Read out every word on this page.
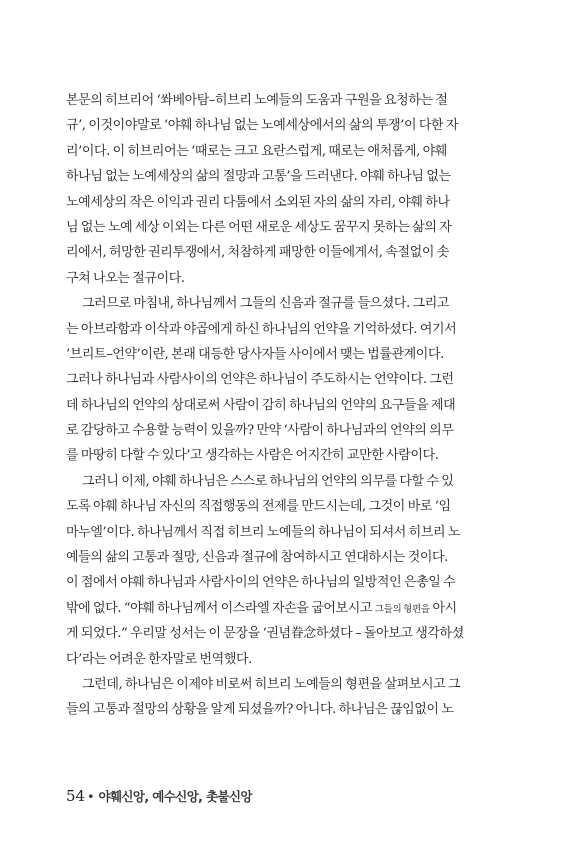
본문의 히브리어 ‘쏴베아탐–히브리 노예들의 도움과 구원을 요청하는 절
규’, 이것이야말로 ‘야훼 하나님 없는 노예세상에서의 삶의 투쟁’이 다한 자
리’이다. 이 히브리어는 ‘때로는 크고 요란스럽게, 때로는 애처롭게, 야훼
하나님 없는 노예세상의 삶의 절망과 고통’을 드러낸다. 야훼 하나님 없는
노예세상의 작은 이익과 권리 다툼에서 소외된 자의 삶의 자리, 야훼 하나
님 없는 노예 세상 이외는 다른 어떤 새로운 세상도 꿈꾸지 못하는 삶의 자
리에서, 허망한 권리투쟁에서, 처참하게 패망한 이들에게서, 속절없이 솟
구쳐 나오는 절규이다.
그러므로 마침내, 하나님께서 그들의 신음과 절규를 들으셨다. 그리고
는 아브라함과 이삭과 야곱에게 하신 하나님의 언약을 기억하셨다. 여기서
‘브리트–언약’이란, 본래 대등한 당사자들 사이에서 맺는 법률관계이다.
그러나 하나님과 사람사이의 언약은 하나님이 주도하시는 언약이다. 그런
데 하나님의 언약의 상대로써 사람이 감히 하나님의 언약의 요구들을 제대
로 감당하고 수용할 능력이 있을까? 만약 ‘사람이 하나님과의 언약의 의무
를 마땅히 다할 수 있다’고 생각하는 사람은 어지간히 교만한 사람이다.
그러니 이제, 야훼 하나님은 스스로 하나님의 언약의 의무를 다할 수 있
도록 야훼 하나님 자신의 직접행동의 전제를 만드시는데, 그것이 바로 ‘임
마누엘’이다. 하나님께서 직접 히브리 노예들의 하나님이 되셔서 히브리 노
예들의 삶의 고통과 절망, 신음과 절규에 참여하시고 연대하시는 것이다.
이 점에서 야훼 하나님과 사람사이의 언약은 하나님의 일방적인 은총일 수
밖에 없다. “야훼 하나님께서 이스라엘 자손을 굽어보시고 그들의 형편을 아시
게 되었다.” 우리말 성서는 이 문장을 ‘권념眷念하셨다 – 돌아보고 생각하셨
다’라는 어려운 한자말로 번역했다.
그런데, 하나님은 이제야 비로써 히브리 노예들의 형편을 살펴보시고 그
들의 고통과 절망의 상황을 알게 되셨을까? 아니다. 하나님은 끊임없이 노
54 • 야훼신앙, 예수신앙, 촛불신앙
